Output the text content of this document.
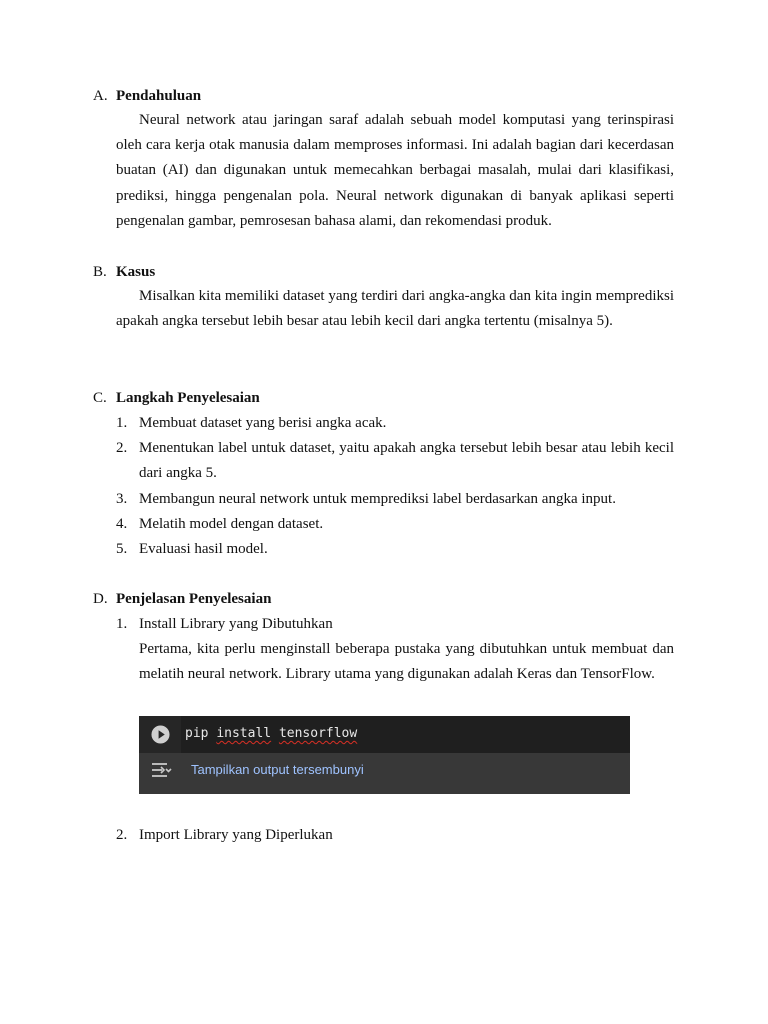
A. Pendahuluan

Neural network atau jaringan saraf adalah sebuah model komputasi yang terinspirasi oleh cara kerja otak manusia dalam memproses informasi. Ini adalah bagian dari kecerdasan buatan (AI) dan digunakan untuk memecahkan berbagai masalah, mulai dari klasifikasi, prediksi, hingga pengenalan pola. Neural network digunakan di banyak aplikasi seperti pengenalan gambar, pemrosesan bahasa alami, dan rekomendasi produk.

B. Kasus

Misalkan kita memiliki dataset yang terdiri dari angka-angka dan kita ingin memprediksi apakah angka tersebut lebih besar atau lebih kecil dari angka tertentu (misalnya 5).

C. Langkah Penyelesaian
1. Membuat dataset yang berisi angka acak.
2. Menentukan label untuk dataset, yaitu apakah angka tersebut lebih besar atau lebih kecil dari angka 5.
3. Membangun neural network untuk memprediksi label berdasarkan angka input.
4. Melatih model dengan dataset.
5. Evaluasi hasil model.
D. Penjelasan Penyelesaian
1. Install Library yang Dibutuhkan

Pertama, kita perlu menginstall beberapa pustaka yang dibutuhkan untuk membuat dan melatih neural network. Library utama yang digunakan adalah Keras dan TensorFlow.

pip install tensorflow
Tampilkan output tersembunyi
2. Import Library yang Diperlukan
